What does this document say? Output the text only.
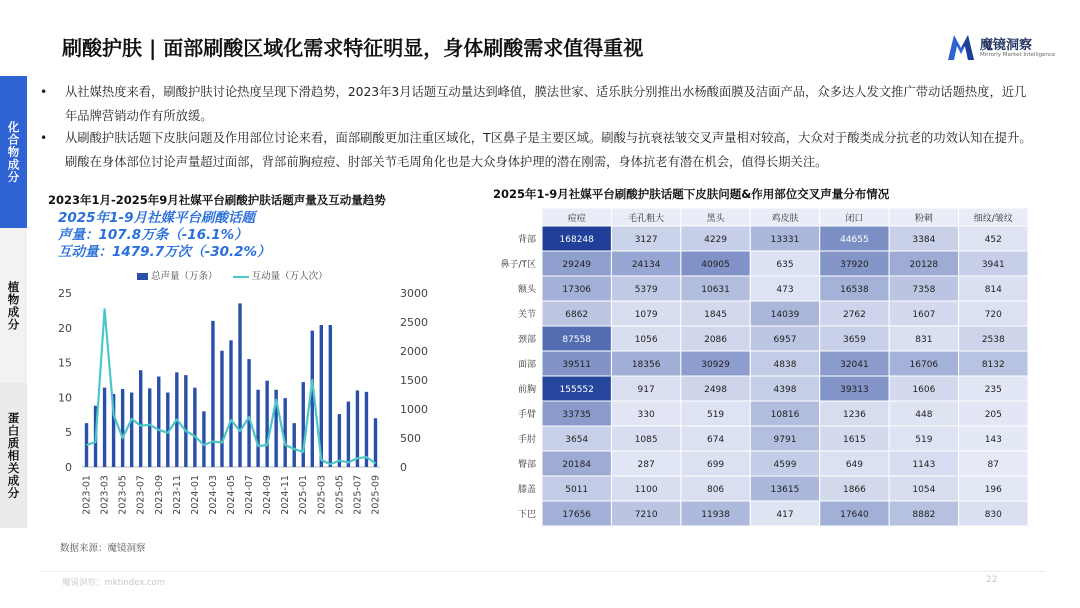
刷酸护肤 | 面部刷酸区域化需求特征明显，身体刷酸需求值得重视	魔镜洞察
Mirrorly Market Intelligence
化合物成分
植物成分
蛋白质相关成分
• 从社媒热度来看，刷酸护肤讨论热度呈现下滑趋势，2023年3月话题互动量达到峰值，膜法世家、适乐肤分别推出水杨酸面膜及洁面产品，众多达人发文推广带动话题热度，近几年品牌营销动作有所放缓。
• 从刷酸护肤话题下皮肤问题及作用部位讨论来看，面部刷酸更加注重区域化，T区鼻子是主要区域。刷酸与抗衰祛皱交叉声量相对较高，大众对于酸类成分抗老的功效认知在提升。刷酸在身体部位讨论声量超过面部，背部前胸痘痘、肘部关节毛周角化也是大众身体护理的潜在刚需，身体抗老有潜在机会，值得长期关注。
2023年1月-2025年9月社媒平台刷酸护肤话题声量及互动量趋势	2025年1-9月社媒平台刷酸护肤话题下皮肤问题&作用部位交叉声量分布情况
0
5
10
15
20
25
0
500
1000
1500
2000
2500
3000
2023-01 2023-03 2023-05 2023-07 2023-09 2023-11 2024-01 2024-03 2024-05 2024-07 2024-09 2024-11 2025-01 2025-03 2025-05 2025-07 2025-09
2025年1-9月社媒平台刷酸话题
声量：107.8万条（-16.1%）
互动量：1479.7万次（-30.2%）
总声量（万条）	互动量（万人次）
痘痘	毛孔粗大	黑头	鸡皮肤	闭口	粉刺	细纹/皱纹
背部	168248	3127	4229	13331	44655	3384	452
鼻子/T区	29249	24134	40905	635	37920	20128	3941
额头	17306	5379	10631	473	16538	7358	814
关节	6862	1079	1845	14039	2762	1607	720
颈部	87558	1056	2086	6957	3659	831	2538
面部	39511	18356	30929	4838	32041	16706	8132
前胸	155552	917	2498	4398	39313	1606	235
手臂	33735	330	519	10816	1236	448	205
手肘	3654	1085	674	9791	1615	519	143
臀部	20184	287	699	4599	649	1143	87
膝盖	5011	1100	806	13615	1866	1054	196
下巴	17656	7210	11938	417	17640	8882	830
数据来源：魔镜洞察
魔镜洞察：mktindex.com	22
